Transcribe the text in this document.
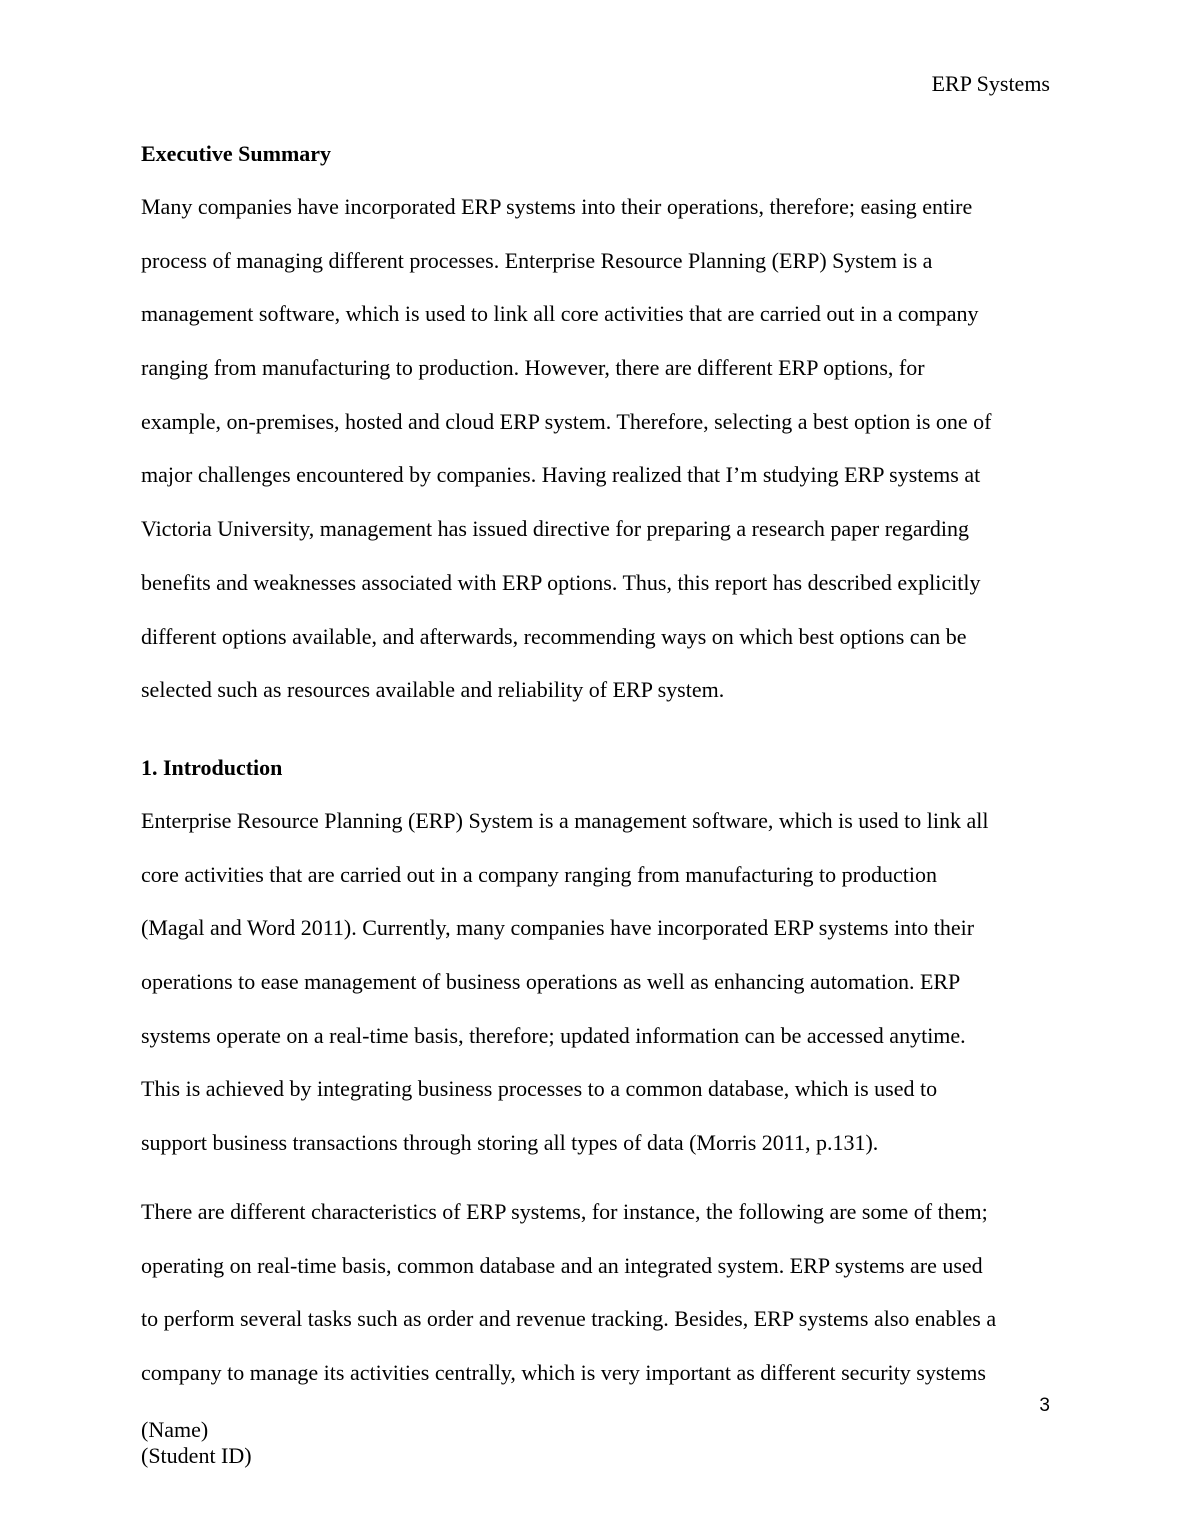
ERP Systems
Executive Summary
Many companies have incorporated ERP systems into their operations, therefore; easing entire
process of managing different processes. Enterprise Resource Planning (ERP) System is a
management software, which is used to link all core activities that are carried out in a company
ranging from manufacturing to production. However, there are different ERP options, for
example, on-premises, hosted and cloud ERP system. Therefore, selecting a best option is one of
major challenges encountered by companies. Having realized that I’m studying ERP systems at
Victoria University, management has issued directive for preparing a research paper regarding
benefits and weaknesses associated with ERP options. Thus, this report has described explicitly
different options available, and afterwards, recommending ways on which best options can be
selected such as resources available and reliability of ERP system.
1. Introduction
Enterprise Resource Planning (ERP) System is a management software, which is used to link all
core activities that are carried out in a company ranging from manufacturing to production
(Magal and Word 2011). Currently, many companies have incorporated ERP systems into their
operations to ease management of business operations as well as enhancing automation. ERP
systems operate on a real-time basis, therefore; updated information can be accessed anytime.
This is achieved by integrating business processes to a common database, which is used to
support business transactions through storing all types of data (Morris 2011, p.131).
There are different characteristics of ERP systems, for instance, the following are some of them;
operating on real-time basis, common database and an integrated system. ERP systems are used
to perform several tasks such as order and revenue tracking. Besides, ERP systems also enables a
company to manage its activities centrally, which is very important as different security systems
3
(Name)
(Student ID)
